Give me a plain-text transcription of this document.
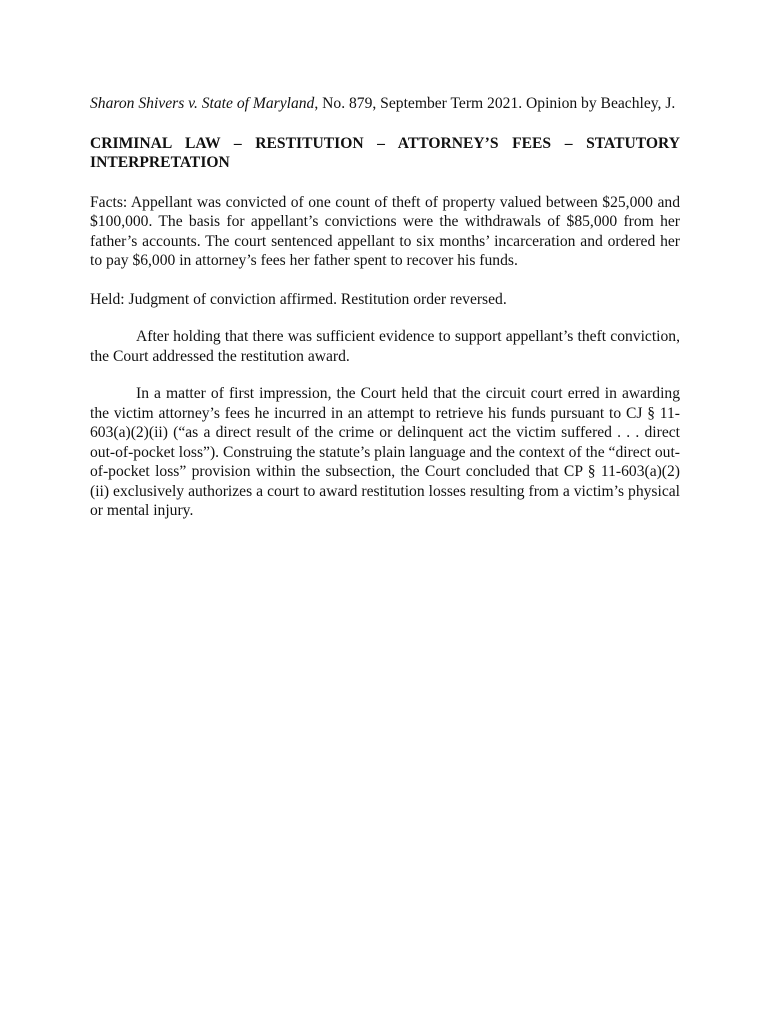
Sharon Shivers v. State of Maryland, No. 879, September Term 2021. Opinion by Beachley, J.

CRIMINAL LAW – RESTITUTION – ATTORNEY’S FEES – STATUTORY INTERPRETATION

Facts: Appellant was convicted of one count of theft of property valued between $25,000 and $100,000. The basis for appellant’s convictions were the withdrawals of $85,000 from her father’s accounts. The court sentenced appellant to six months’ incarceration and ordered her to pay $6,000 in attorney’s fees her father spent to recover his funds.

Held: Judgment of conviction affirmed. Restitution order reversed.

After holding that there was sufficient evidence to support appellant’s theft conviction, the Court addressed the restitution award.

In a matter of first impression, the Court held that the circuit court erred in awarding the victim attorney’s fees he incurred in an attempt to retrieve his funds pursuant to CJ § 11-603(a)(2)(ii) (“as a direct result of the crime or delinquent act the victim suffered . . . direct out-of-pocket loss”). Construing the statute’s plain language and the context of the “direct out-of-pocket loss” provision within the subsection, the Court concluded that CP § 11-603(a)(2)(ii) exclusively authorizes a court to award restitution losses resulting from a victim’s physical or mental injury.
